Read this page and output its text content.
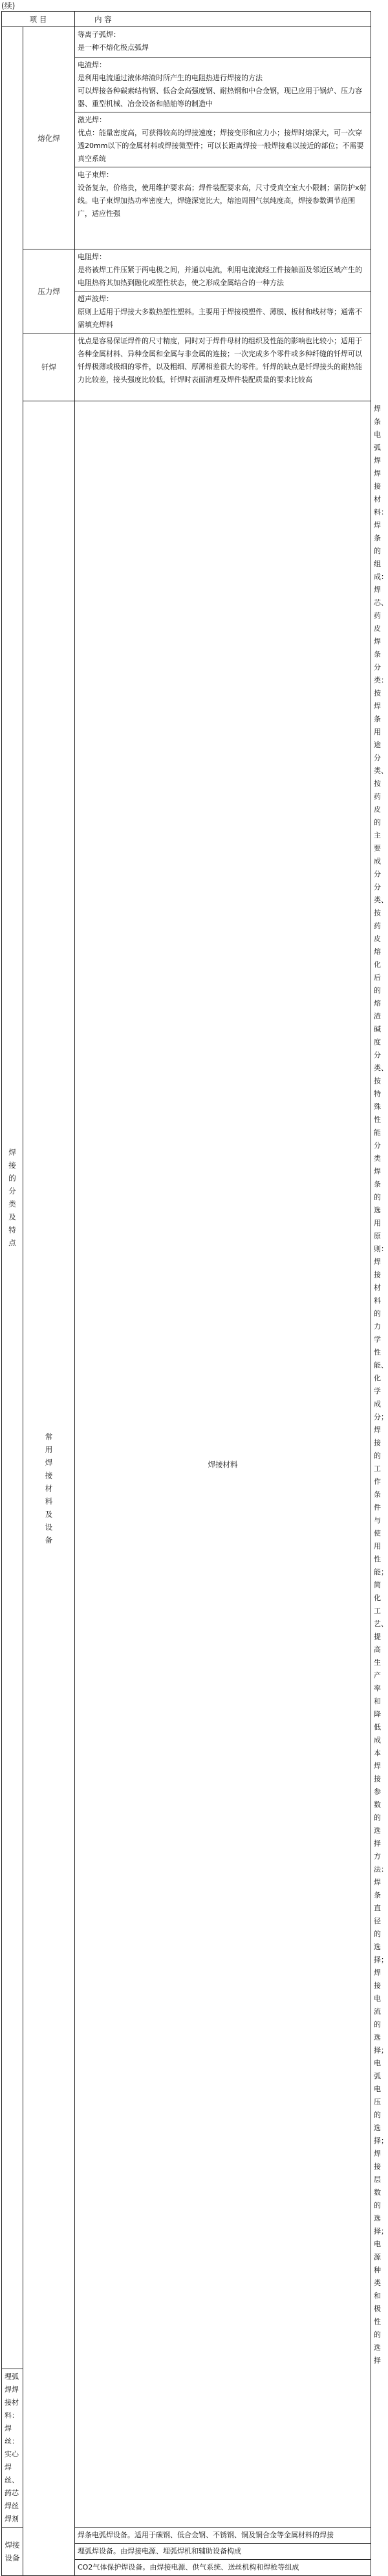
(续)
项 目		内 容	
焊接的分类及特点	熔化焊	等离子弧焊：
是一种不熔化极点弧焊	

		电渣焊：
是利用电流通过液体熔渣时所产生的电阻热进行焊接的方法
可以焊接各种碳素结构钢、低合金高强度钢、耐热钢和中合金钢，现已应用于锅炉、压力容器、重型机械、冶金设备和船舶等的制造中	

		激光焊：
优点：能量密度高，可获得较高的焊接速度；焊接变形和应力小；接焊时熔深大，可一次穿透20mm以下的金属材料或焊接微型件；可以长距离焊接一般焊接难以接近的部位；不需要真空系统	

		电子束焊：
设备复杂，价格贵，使用维护要求高；焊件装配要求高，尺寸受真空室大小限制；需防护x射线。电子束焊加热功率密度大，焊缝深宽比大，熔池周围气氛纯度高，焊接参数调节范围广，适应性强	

	压力焊	电阻焊：
是将被焊工件压紧于两电极之间，并通以电流，利用电流流经工件接触面及邻近区域产生的电阻热将其加热到融化或塑性状态，使之形成金属结合的一种方法	

		超声波焊：
原则上适用于焊接大多数热塑性塑料。主要用于焊接模塑件、薄膜、板材和线材等；通常不需填充焊料	

	钎焊	优点是容易保证焊件的尺寸精度，同时对于焊件母材的组织及性能的影响也比较小；适用于各种金属材料、异种金属和金属与非金属的连接；一次完成多个零件或多种纤缝的钎焊可以钎焊极薄或极细的零件，以及粗细、厚薄相差很大的零件。钎焊的缺点是钎焊接头的耐热能力比较差，接头强度比较低，钎焊时表面清理及焊件装配质量的要求比较高	

	常用焊接材料及设备	焊接材料	焊条电弧焊焊接材料：
焊条的组成：焊芯、药皮
焊条分类：按焊条用途分类、按药皮的主要成分分类、按药皮熔化后的熔渣碱度分类、按特殊性能分类
焊条的选用原则：焊接材料的力学性能、化学成分；焊接的工作条件与使用性能；简化工艺、提高生产率和降低成本
焊接参数的选择方法：焊条直径的选择；焊接电流的选择；电弧电压的选择；焊接层数的选择；电源种类和极性的选择

埋弧焊焊接材料：
焊丝：实心焊丝、药芯焊丝焊剂			

焊接设备		焊条电弧焊设备。适用于碳钢、低合金钢、不锈钢、铜及铜合金等金属材料的焊接	

		埋弧焊设备。由焊接电源、埋弧焊机和辅助设备构成	

		CO2气体保护焊设备。由焊接电源、供气系统、送丝机构和焊枪等组成	
